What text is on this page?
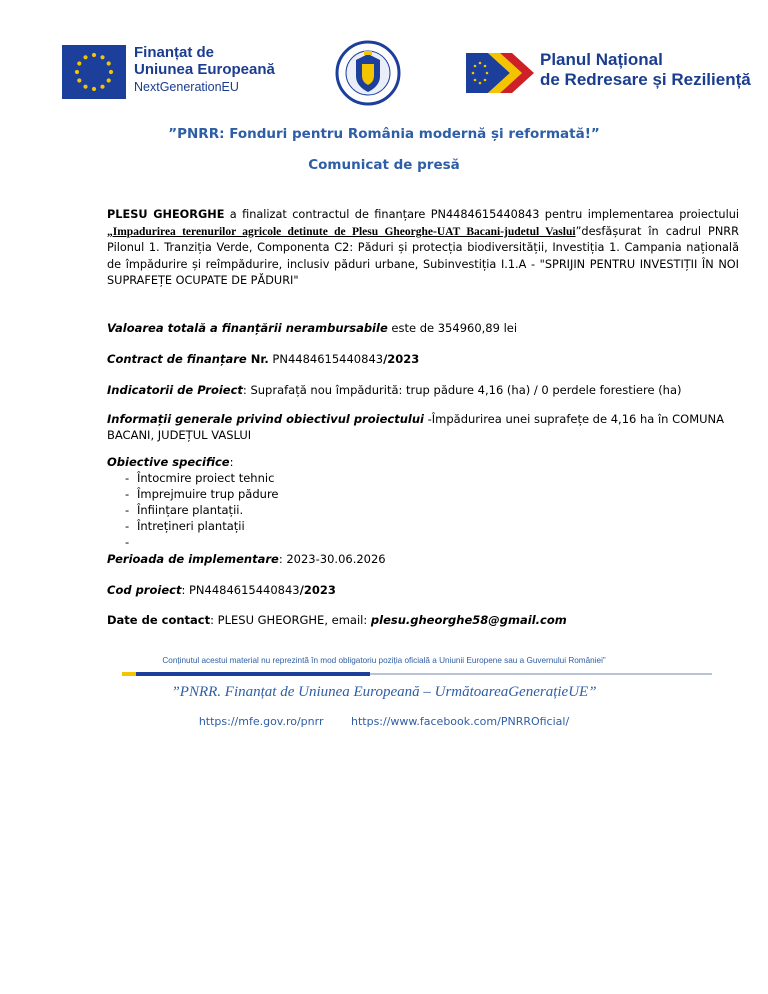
Finanțat de
Uniunea Europeană
NextGenerationEU
Planul Național
de Redresare și Reziliență
”PNRR: Fonduri pentru România modernă și reformată!”
Comunicat de presă
PLESU GHEORGHE a finalizat contractul de finanțare PN4484615440843 pentru implementarea proiectului „Impadurirea terenurilor agricole detinute de Plesu Gheorghe-UAT Bacani-judetul Vaslui”desfășurat în cadrul PNRR Pilonul 1. Tranziția Verde, Componenta C2: Păduri și protecția biodiversității, Investiția 1. Campania națională de împădurire și reîmpădurire, inclusiv păduri urbane, Subinvestiția I.1.A - "SPRIJIN PENTRU INVESTIȚII ÎN NOI SUPRAFEȚE OCUPATE DE PĂDURI"
Valoarea totală a finanțării nerambursabile este de 354960,89 lei
Contract de finanțare Nr. PN4484615440843/2023
Indicatorii de Proiect: Suprafață nou împădurită: trup pădure 4,16 (ha) / 0 perdele forestiere (ha)
Informații generale privind obiectivul proiectului -Împădurirea unei suprafețe de 4,16 ha în COMUNA BACANI, JUDEȚUL VASLUI
Obiective specifice:
- Întocmire proiect tehnic
- Împrejmuire trup pădure
- Înființare plantații.
- Întrețineri plantații
-
Perioada de implementare: 2023-30.06.2026
Cod proiect: PN4484615440843/2023
Date de contact: PLESU GHEORGHE, email: plesu.gheorghe58@gmail.com
Conținutul acestui material nu reprezintă în mod obligatoriu poziția oficială a Uniunii Europene sau a Guvernului României”
”PNRR. Finanțat de Uniunea Europeană – UrmătoareaGenerațieUE”
https://mfe.gov.ro/pnrr	https://www.facebook.com/PNRROficial/
